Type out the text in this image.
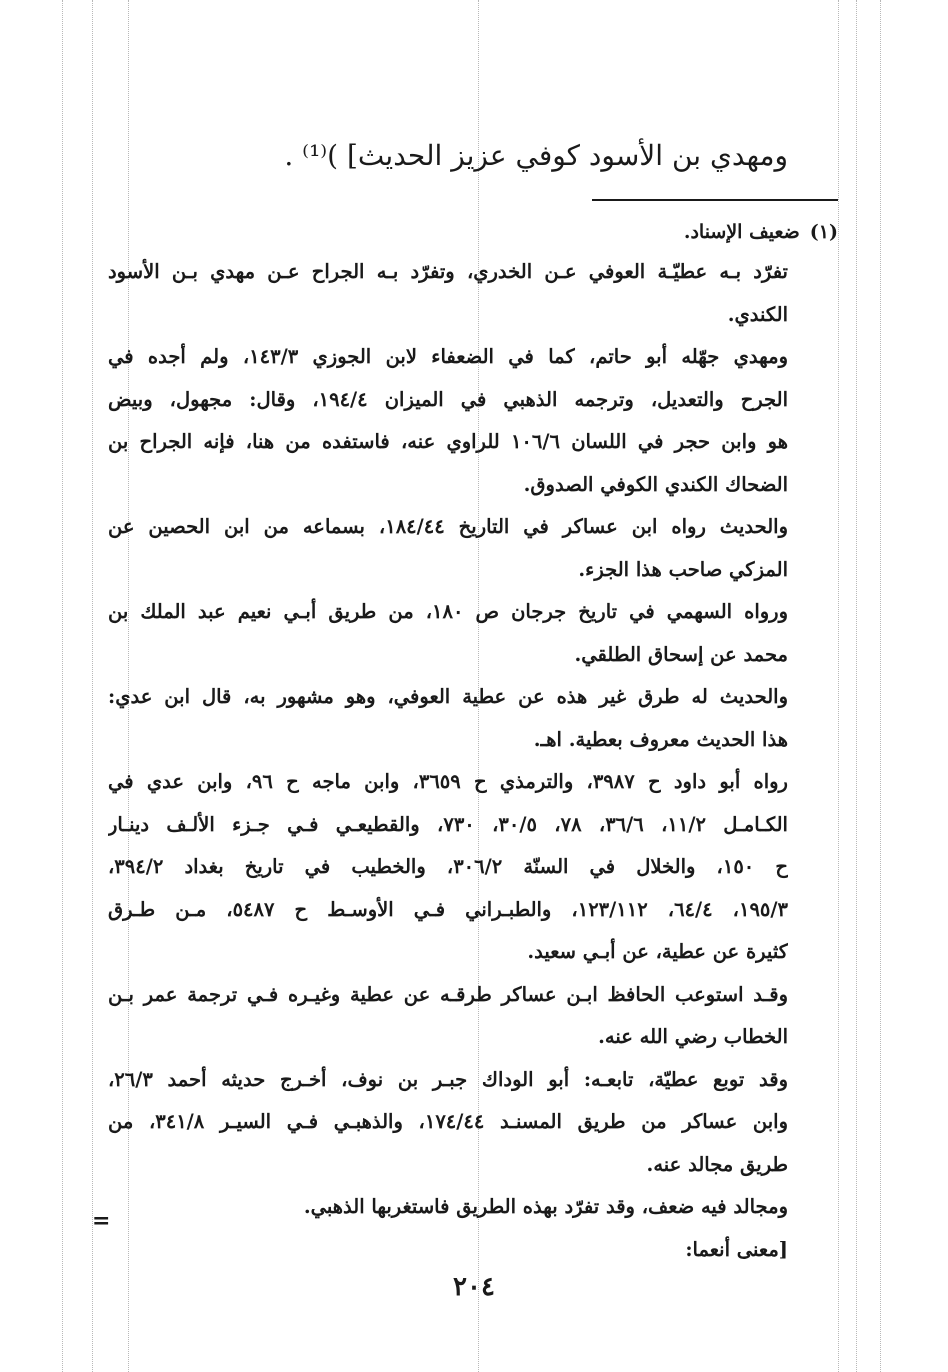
ومهدي بن الأسود كوفي عزيز الحديث] )⁽¹⁾ .
(١)ضعيف الإسناد.
تفرّد بـه عطيّـة العوفي عـن الخدري، وتفرّد بـه الجراح عـن مهدي بـن الأسود
الكندي.
ومهدي جهّله أبو حاتم، كما في الضعفاء لابن الجوزي ١٤٣/٣، ولم أجده في
الجرح والتعديل، وترجمه الذهبي في الميزان ١٩٤/٤، وقال: مجهول، وبيض
هو وابن حجر في اللسان ١٠٦/٦ للراوي عنه، فاستفده من هنا، فإنه الجراح بن
الضحاك الكندي الكوفي الصدوق.
والحديث رواه ابن عساكر في التاريخ ١٨٤/٤٤، بسماعه من ابن الحصين عن
المزكي صاحب هذا الجزء.
ورواه السهمي في تاريخ جرجان ص ١٨٠، من طريق أبـي نعيم عبد الملك بن
محمد عن إسحاق الطلقي.
والحديث له طرق غير هذه عن عطية العوفي، وهو مشهور به، قال ابن عدي:
هذا الحديث معروف بعطية. اهـ.
رواه أبو داود ح ٣٩٨٧، والترمذي ح ٣٦٥٩، وابن ماجه ح ٩٦، وابن عدي في
الكـامـل ١١/٢، ٣٦/٦، ٧٨، ٣٠/٥، ٧٣٠، والقطيعـي فـي جـزء الألـف دينـار
ح ١٥٠، والخلال في السنّة ٣٠٦/٢، والخطيب في تاريخ بغداد ٣٩٤/٢،
١٩٥/٣، ٦٤/٤، ١٢٣/١١٢، والطبـراني فـي الأوسـط ح ٥٤٨٧، مـن طـرق
كثيرة عن عطية، عن أبـي سعيد.
وقـد استوعب الحافظ ابـن عساكر طرقـه عن عطية وغيـره فـي ترجمة عمر بـن
الخطاب رضي الله عنه.
وقد توبع عطيّة، تابعـه: أبو الوداك جبـر بن نوف، أخـرج حديثه أحمد ٢٦/٣،
وابن عساكر من طريق المسنـد ١٧٤/٤٤، والذهبـي فـي السيـر ٣٤١/٨، من
طريق مجالد عنه.
ومجالد فيه ضعف، وقد تفرّد بهذه الطريق فاستغربها الذهبي.
[معنى أنعما:
=
٢٠٤
